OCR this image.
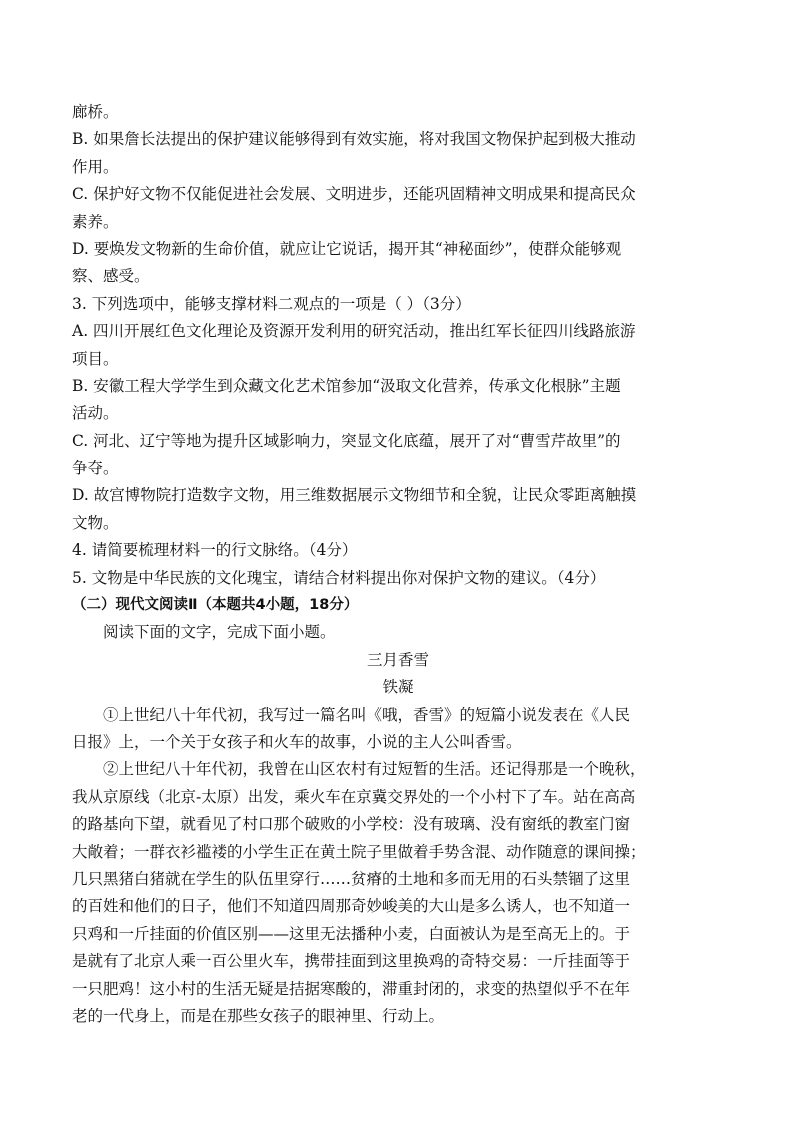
廊桥。
B. 如果詹长法提出的保护建议能够得到有效实施，将对我国文物保护起到极大推动
作用。
C. 保护好文物不仅能促进社会发展、文明进步，还能巩固精神文明成果和提高民众
素养。
D. 要焕发文物新的生命价值，就应让它说话，揭开其“神秘面纱”，使群众能够观
察、感受。
3. 下列选项中，能够支撑材料二观点的一项是（ ）（3分）
A. 四川开展红色文化理论及资源开发利用的研究活动，推出红军长征四川线路旅游
项目。
B. 安徽工程大学学生到众藏文化艺术馆参加“汲取文化营养，传承文化根脉”主题
活动。
C. 河北、辽宁等地为提升区域影响力，突显文化底蕴，展开了对“曹雪芹故里”的
争夺。
D. 故宫博物院打造数字文物，用三维数据展示文物细节和全貌，让民众零距离触摸
文物。
4. 请简要梳理材料一的行文脉络。（4分）
5. 文物是中华民族的文化瑰宝，请结合材料提出你对保护文物的建议。（4分）
（二）现代文阅读Ⅱ（本题共4小题，18分）
阅读下面的文字，完成下面小题。
三月香雪
铁凝
①上世纪八十年代初，我写过一篇名叫《哦，香雪》的短篇小说发表在《人民
日报》上，一个关于女孩子和火车的故事，小说的主人公叫香雪。
②上世纪八十年代初，我曾在山区农村有过短暂的生活。还记得那是一个晚秋，
我从京原线（北京-太原）出发，乘火车在京冀交界处的一个小村下了车。站在高高
的路基向下望，就看见了村口那个破败的小学校：没有玻璃、没有窗纸的教室门窗
大敞着；一群衣衫褴褛的小学生正在黄土院子里做着手势含混、动作随意的课间操；
几只黑猪白猪就在学生的队伍里穿行……贫瘠的土地和多而无用的石头禁锢了这里
的百姓和他们的日子，他们不知道四周那奇妙峻美的大山是多么诱人，也不知道一
只鸡和一斤挂面的价值区别——这里无法播种小麦，白面被认为是至高无上的。于
是就有了北京人乘一百公里火车，携带挂面到这里换鸡的奇特交易：一斤挂面等于
一只肥鸡！这小村的生活无疑是拮据寒酸的，滞重封闭的，求变的热望似乎不在年
老的一代身上，而是在那些女孩子的眼神里、行动上。
